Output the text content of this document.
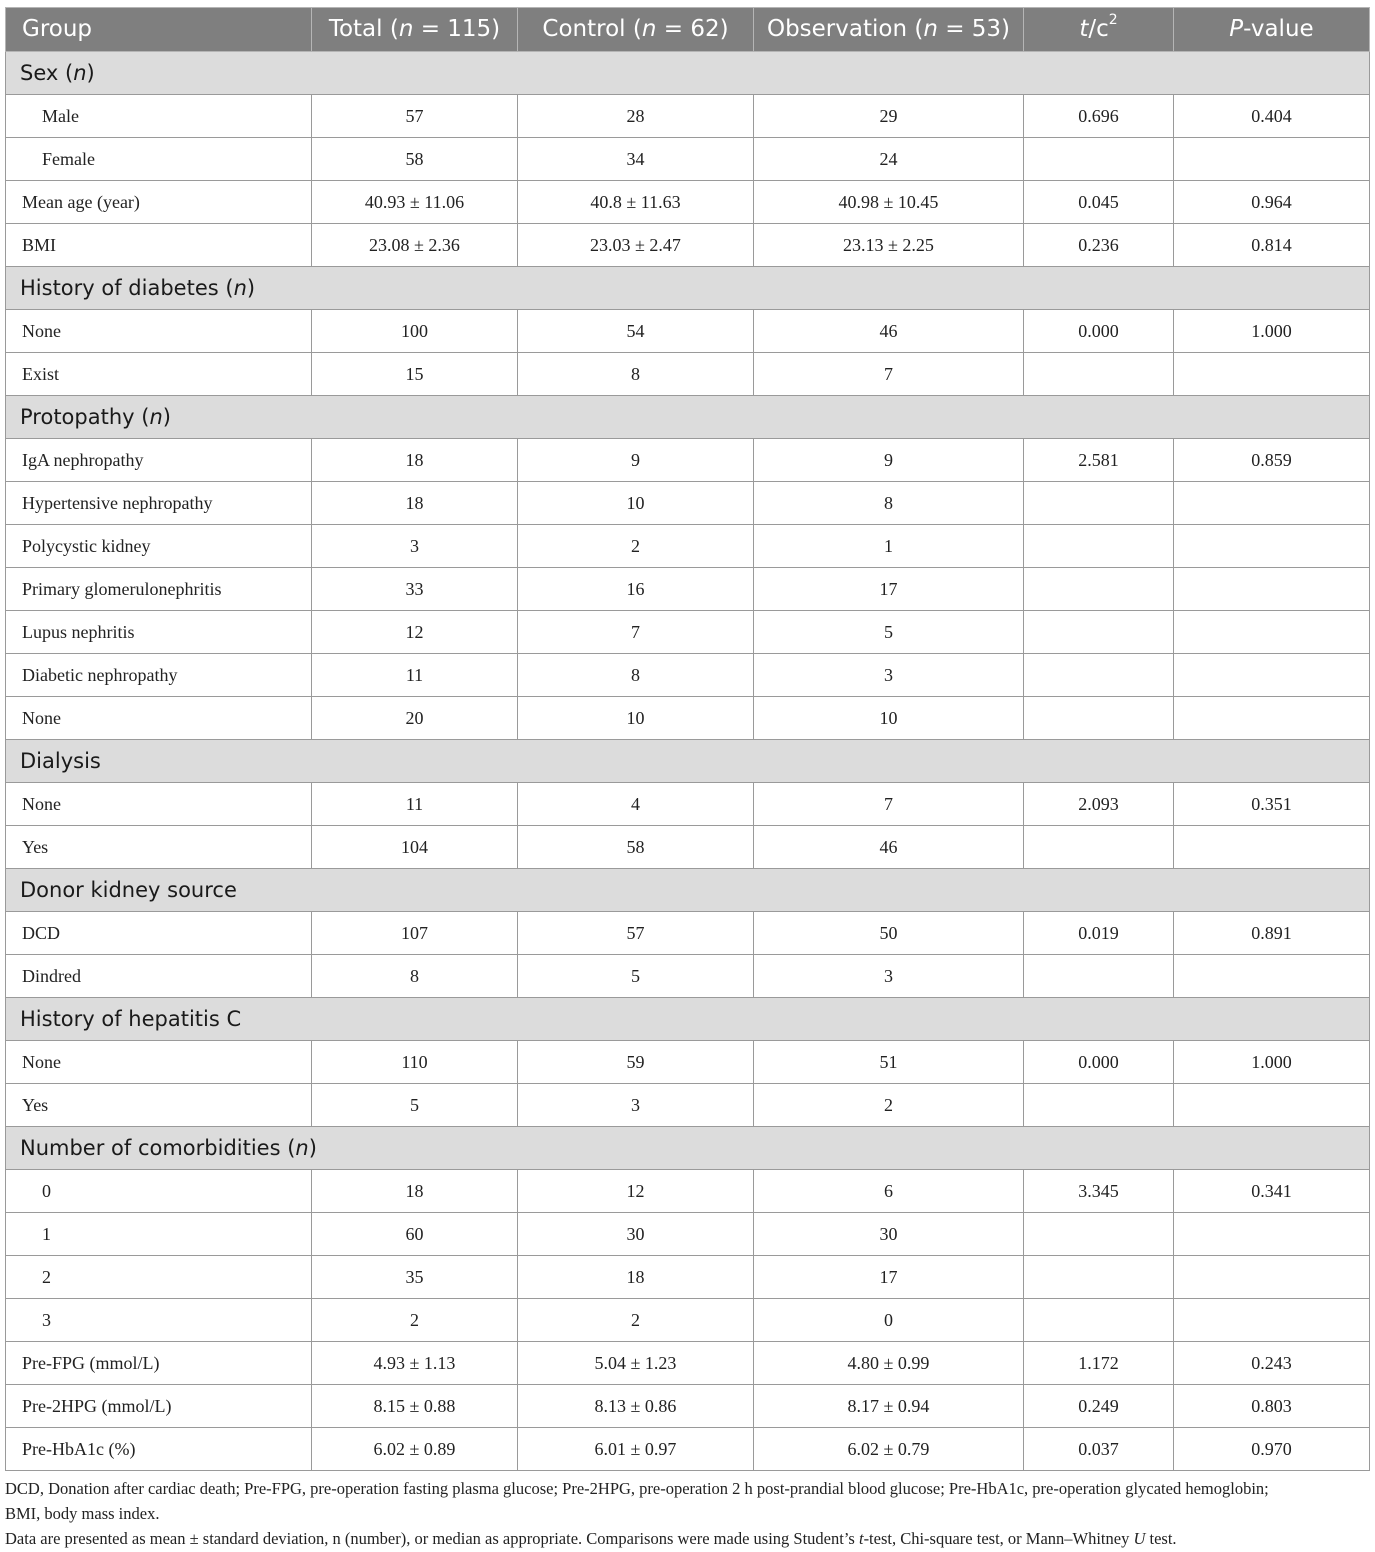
Group	Total (n = 115)	Control (n = 62)	Observation (n = 53)	$t/c^2$	P-value
Sex (n)					
Male	57	28	29	0.696	0.404
Female	58	34	24		
Mean age (year)	40.93 ± 11.06	40.8 ± 11.63	40.98 ± 10.45	0.045	0.964
BMI	23.08 ± 2.36	23.03 ± 2.47	23.13 ± 2.25	0.236	0.814
History of diabetes (n)					
None	100	54	46	0.000	1.000
Exist	15	8	7		
Protopathy (n)					
IgA nephropathy	18	9	9	2.581	0.859
Hypertensive nephropathy	18	10	8		
Polycystic kidney	3	2	1		
Primary glomerulonephritis	33	16	17		
Lupus nephritis	12	7	5		
Diabetic nephropathy	11	8	3		
None	20	10	10		
Dialysis					
None	11	4	7	2.093	0.351
Yes	104	58	46		
Donor kidney source					
DCD	107	57	50	0.019	0.891
Dindred	8	5	3		
History of hepatitis C					
None	110	59	51	0.000	1.000
Yes	5	3	2		
Number of comorbidities (n)					
0	18	12	6	3.345	0.341
1	60	30	30		
2	35	18	17		
3	2	2	0		
Pre-FPG (mmol/L)	4.93 ± 1.13	5.04 ± 1.23	4.80 ± 0.99	1.172	0.243
Pre-2HPG (mmol/L)	8.15 ± 0.88	8.13 ± 0.86	8.17 ± 0.94	0.249	0.803
Pre-HbA1c (%)	6.02 ± 0.89	6.01 ± 0.97	6.02 ± 0.79	0.037	0.970

DCD, Donation after cardiac death; Pre-FPG, pre-operation fasting plasma glucose; Pre-2HPG, pre-operation 2 h post-prandial blood glucose; Pre-HbA1c, pre-operation glycated hemoglobin;

BMI, body mass index.

Data are presented as mean ± standard deviation, n (number), or median as appropriate. Comparisons were made using Student’s t-test, Chi-square test, or Mann–Whitney U test.
